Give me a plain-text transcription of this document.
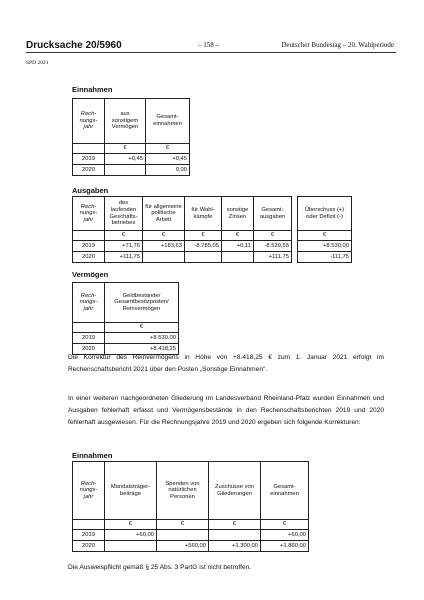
Drucksache 20/5960	– 158 –	Deutscher Bundestag – 20. Wahlperiode
SPD 2021
Einnahmen
Rech-nungs-jahr	aus sonstigem Vermögen	Gesamt-einnahmen
	€	€
2019	+0,45	+0,45
2020		0,00
Ausgaben
Rech-nungs-jahr	des laufenden Geschäfts-betriebes	für allgemeine politische Arbeit	für Wahl-kämpfe	sonstige Zinsen	Gesamt-ausgaben
	€	€	€	€	€
2019	+71,76	+183,63	-8.785,05	+0,11	-8.529,55
2020	+111,75				+111,75
Überschuss (+) oder Defizit (-)
€
+8.530,00
-111,75
Vermögen
Rech-nungs-jahr	Geldbestände/ Gesamtbesitzposten/ Reinvermögen
	€
2019	+8.530,00
2020	+8.418,25
Die Korrektur des Reinvermögens in Höhe von +8.418,25 € zum 1. Januar 2021 erfolgt im Rechenschaftsbericht 2021 über den Posten „Sonstige Einnahmen“.
In einer weiteren nachgeordneten Gliederung im Landesverband Rheinland-Pfalz wurden Einnahmen und Ausgaben fehlerhaft erfasst und Vermögensbestände in den Rechenschaftsberichten 2019 und 2020 fehlerhaft ausgewiesen. Für die Rechnungsjahre 2019 und 2020 ergeben sich folgende Korrekturen:
Einnahmen
Rech-nungs-jahr	Mandatsträger-beiträge	Spenden von natürlichen Personen	Zuschüsse von Gliederungen	Gesamt-einnahmen
	€	€	€	€
2019	+60,00			+60,00
2020		+560,00	+1.300,00	+1.860,00
Die Ausweispflicht gemäß § 25 Abs. 3 PartG ist nicht betroffen.
